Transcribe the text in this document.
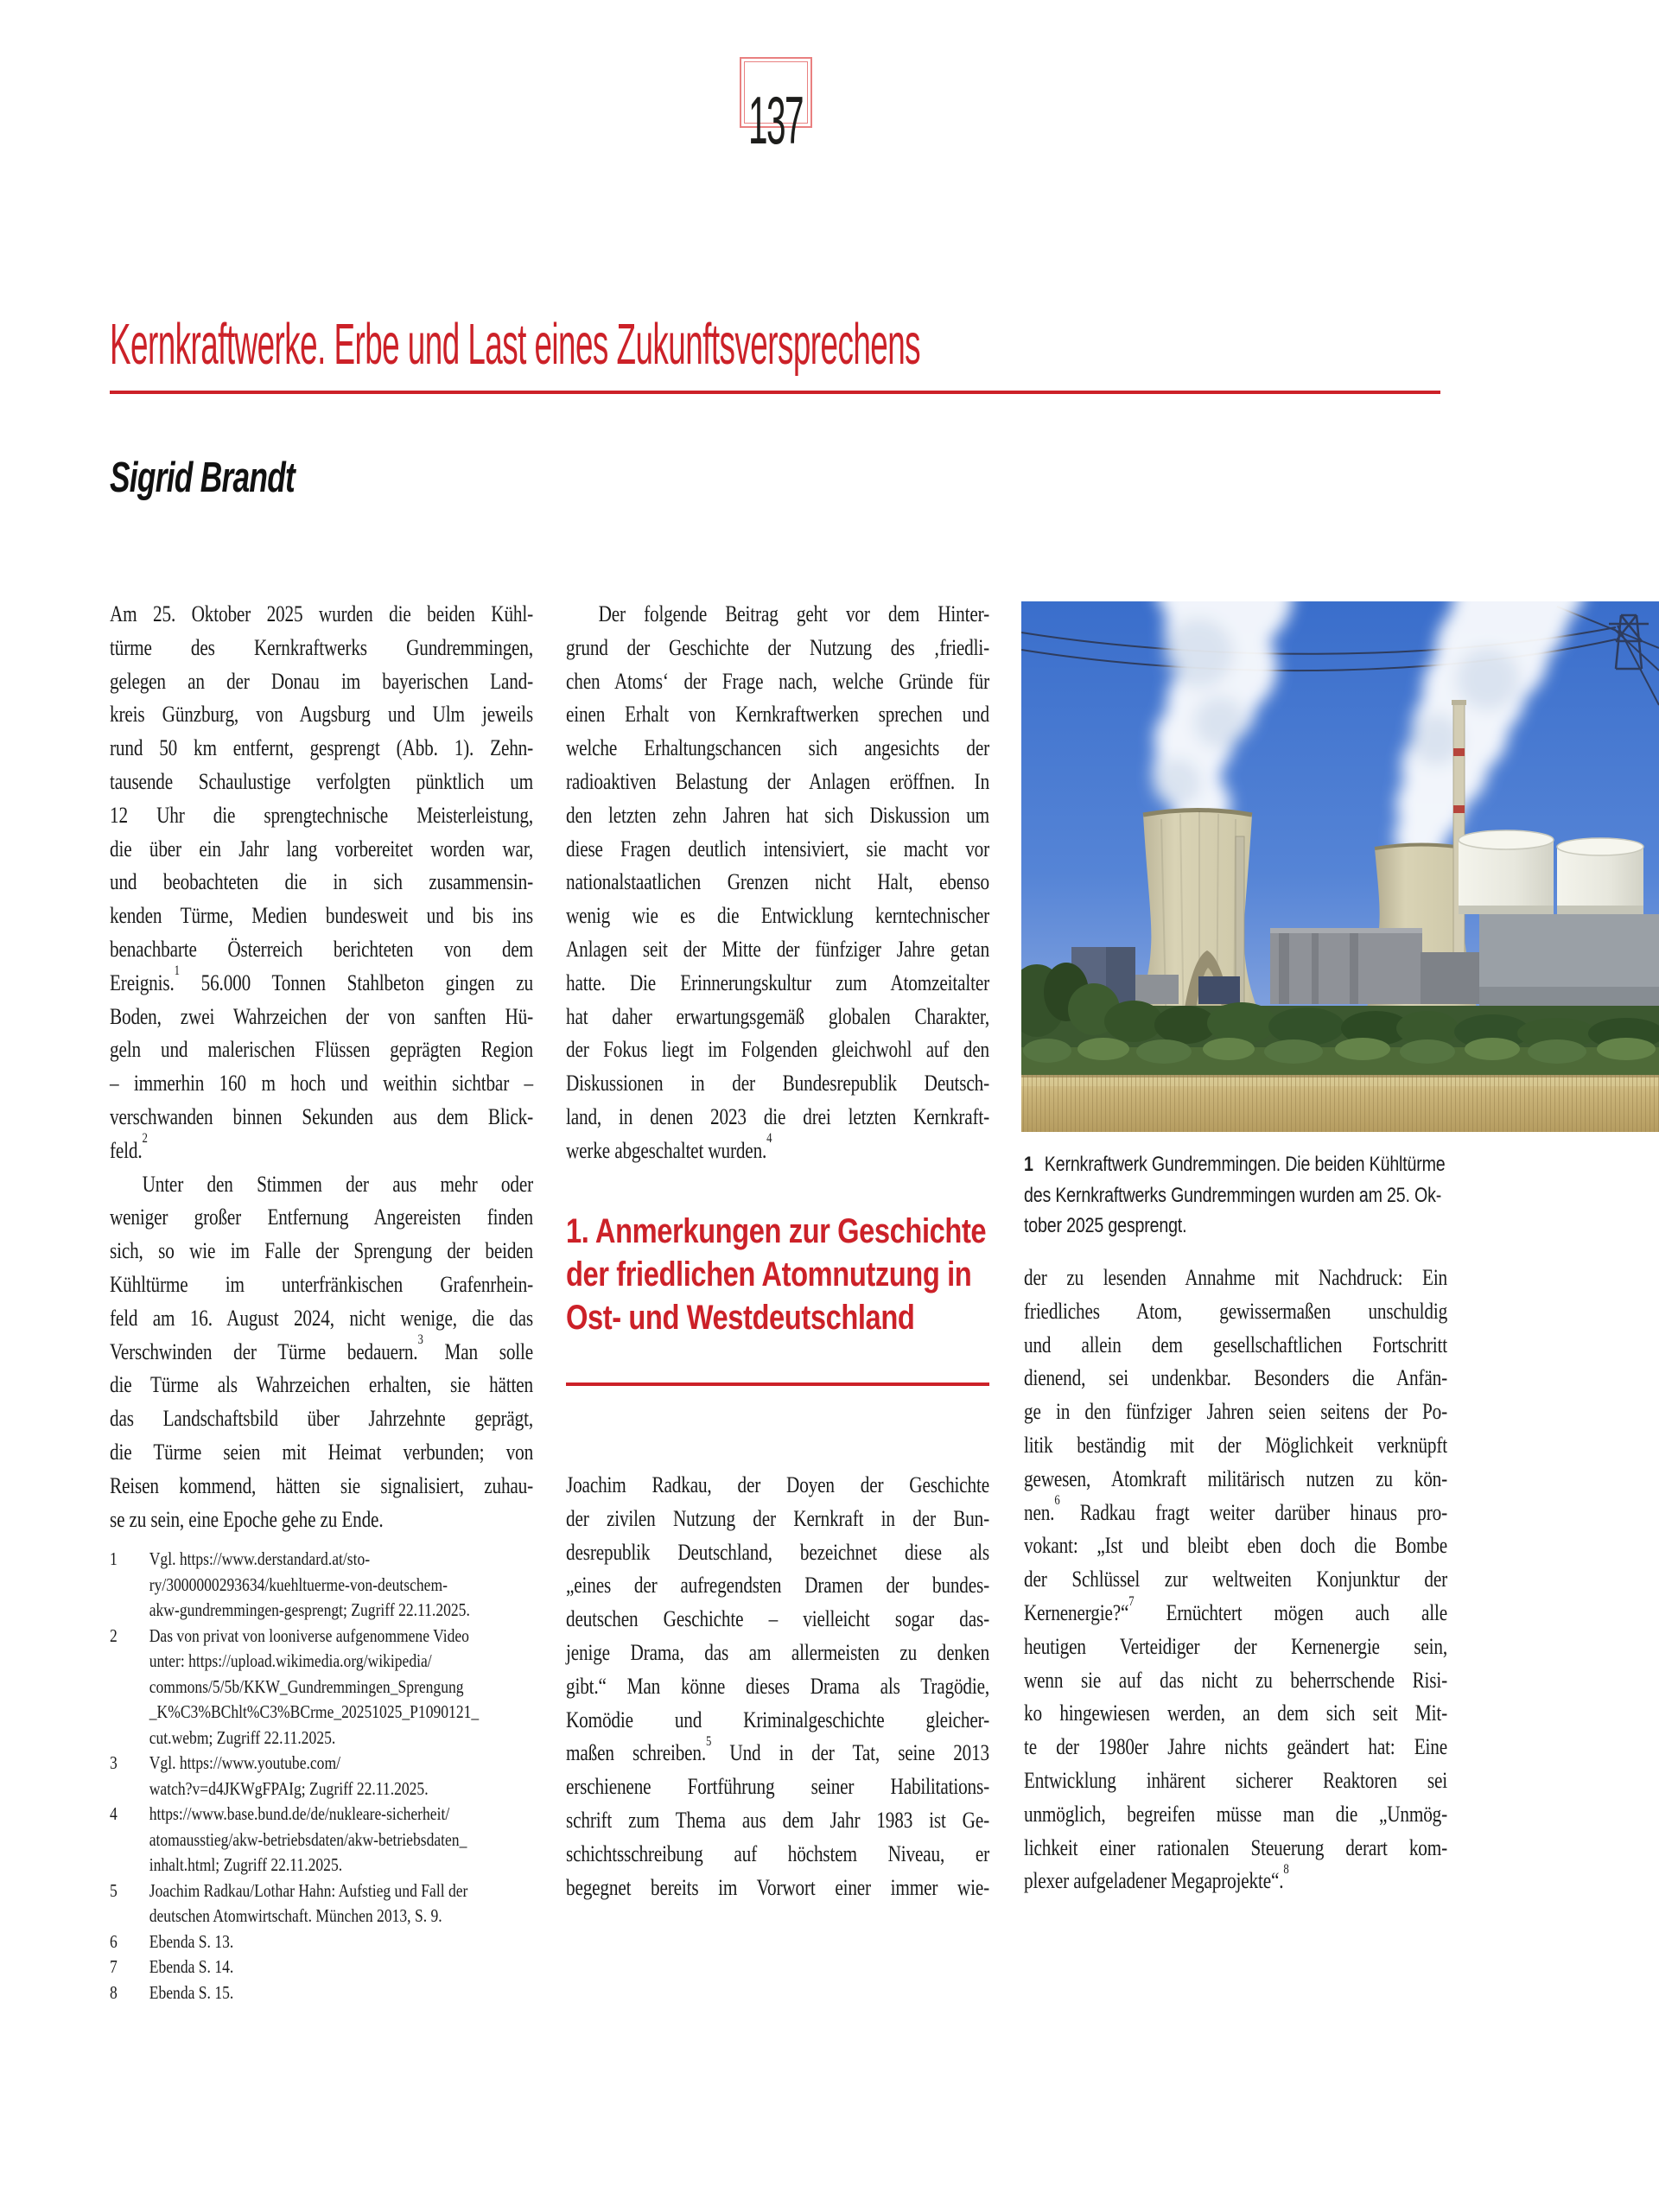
137
Kernkraftwerke. Erbe und Last eines Zukunftsversprechens
Sigrid Brandt
Am 25. Oktober 2025 wurden die beiden Kühl-
türme des Kernkraftwerks Gundremmingen,
gelegen an der Donau im bayerischen Land-
kreis Günzburg, von Augsburg und Ulm jeweils
rund 50 km entfernt, gesprengt (Abb. 1). Zehn-
tausende Schaulustige verfolgten pünktlich um
12 Uhr die sprengtechnische Meisterleistung,
die über ein Jahr lang vorbereitet worden war,
und beobachteten die in sich zusammensin-
kenden Türme, Medien bundesweit und bis ins
benachbarte Österreich berichteten von dem
Ereignis.$^1$ 56.000 Tonnen Stahlbeton gingen zu
Boden, zwei Wahrzeichen der von sanften Hü-
geln und malerischen Flüssen geprägten Region
– immerhin 160 m hoch und weithin sichtbar –
verschwanden binnen Sekunden aus dem Blick-
feld.$^2$
Unter den Stimmen der aus mehr oder
weniger großer Entfernung Angereisten finden
sich, so wie im Falle der Sprengung der beiden
Kühltürme im unterfränkischen Grafenrhein-
feld am 16. August 2024, nicht wenige, die das
Verschwinden der Türme bedauern.$^3$ Man solle
die Türme als Wahrzeichen erhalten, sie hätten
das Landschaftsbild über Jahrzehnte geprägt,
die Türme seien mit Heimat verbunden; von
Reisen kommend, hätten sie signalisiert, zuhau-
se zu sein, eine Epoche gehe zu Ende.
1	Vgl. https://www.derstandard.at/sto-
ry/3000000293634/kuehltuerme-von-deutschem-
akw-gundremmingen-gesprengt; Zugriff 22.11.2025.
2	Das von privat von looniverse aufgenommene Video
unter: https://upload.wikimedia.org/wikipedia/
commons/5/5b/KKW_Gundremmingen_Sprengung
_K%C3%BChlt%C3%BCrme_20251025_P1090121_
cut.webm; Zugriff 22.11.2025.
3	Vgl. https://www.youtube.com/
watch?v=d4JKWgFPAIg; Zugriff 22.11.2025.
4	https://www.base.bund.de/de/nukleare-sicherheit/
atomausstieg/akw-betriebsdaten/akw-betriebsdaten_
inhalt.html; Zugriff 22.11.2025.
5	Joachim Radkau/Lothar Hahn: Aufstieg und Fall der
deutschen Atomwirtschaft. München 2013, S. 9.
6	Ebenda S. 13.
7	Ebenda S. 14.
8	Ebenda S. 15.
Der folgende Beitrag geht vor dem Hinter-
grund der Geschichte der Nutzung des ‚friedli-
chen Atoms‘ der Frage nach, welche Gründe für
einen Erhalt von Kernkraftwerken sprechen und
welche Erhaltungschancen sich angesichts der
radioaktiven Belastung der Anlagen eröffnen. In
den letzten zehn Jahren hat sich Diskussion um
diese Fragen deutlich intensiviert, sie macht vor
nationalstaatlichen Grenzen nicht Halt, ebenso
wenig wie es die Entwicklung kerntechnischer
Anlagen seit der Mitte der fünfziger Jahre getan
hatte. Die Erinnerungskultur zum Atomzeitalter
hat daher erwartungsgemäß globalen Charakter,
der Fokus liegt im Folgenden gleichwohl auf den
Diskussionen in der Bundesrepublik Deutsch-
land, in denen 2023 die drei letzten Kernkraft-
werke abgeschaltet wurden.$^4$
1. Anmerkungen zur Geschichte
der friedlichen Atomnutzung in
Ost- und Westdeutschland
Joachim Radkau, der Doyen der Geschichte
der zivilen Nutzung der Kernkraft in der Bun-
desrepublik Deutschland, bezeichnet diese als
„eines der aufregendsten Dramen der bundes-
deutschen Geschichte – vielleicht sogar das-
jenige Drama, das am allermeisten zu denken
gibt.“ Man könne dieses Drama als Tragödie,
Komödie und Kriminalgeschichte gleicher-
maßen schreiben.$^5$ Und in der Tat, seine 2013
erschienene Fortführung seiner Habilitations-
schrift zum Thema aus dem Jahr 1983 ist Ge-
schichtsschreibung auf höchstem Niveau, er
begegnet bereits im Vorwort einer immer wie-
1 Kernkraftwerk Gundremmingen. Die beiden Kühltürme
des Kernkraftwerks Gundremmingen wurden am 25. Ok-
tober 2025 gesprengt.
der zu lesenden Annahme mit Nachdruck: Ein
friedliches Atom, gewissermaßen unschuldig
und allein dem gesellschaftlichen Fortschritt
dienend, sei undenkbar. Besonders die Anfän-
ge in den fünfziger Jahren seien seitens der Po-
litik beständig mit der Möglichkeit verknüpft
gewesen, Atomkraft militärisch nutzen zu kön-
nen.$^6$ Radkau fragt weiter darüber hinaus pro-
vokant: „Ist und bleibt eben doch die Bombe
der Schlüssel zur weltweiten Konjunktur der
Kernenergie?“$^7$ Ernüchtert mögen auch alle
heutigen Verteidiger der Kernenergie sein,
wenn sie auf das nicht zu beherrschende Risi-
ko hingewiesen werden, an dem sich seit Mit-
te der 1980er Jahre nichts geändert hat: Eine
Entwicklung inhärent sicherer Reaktoren sei
unmöglich, begreifen müsse man die „Unmög-
lichkeit einer rationalen Steuerung derart kom-
plexer aufgeladener Megaprojekte“.$^8$
